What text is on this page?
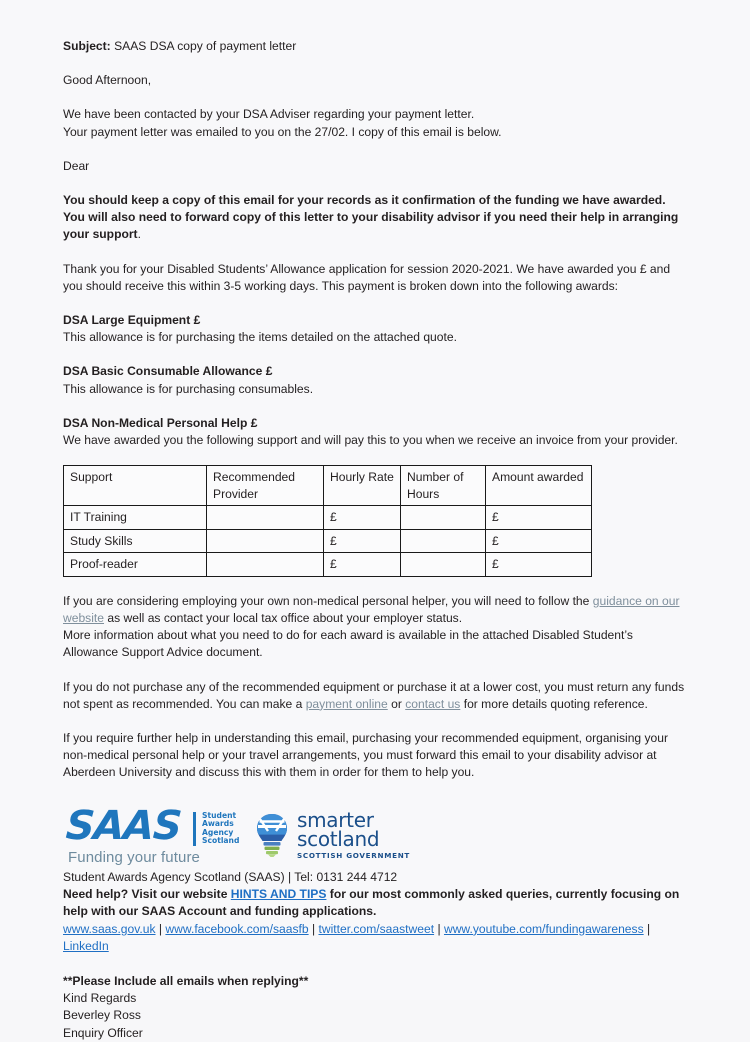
Subject: SAAS DSA copy of payment letter

Good Afternoon,

We have been contacted by your DSA Adviser regarding your payment letter.

Your payment letter was emailed to you on the 27/02. I copy of this email is below.

Dear

You should keep a copy of this email for your records as it confirmation of the funding we have awarded. You will also need to forward copy of this letter to your disability advisor if you need their help in arranging your support.

Thank you for your Disabled Students’ Allowance application for session 2020-2021. We have awarded you £ and you should receive this within 3-5 working days. This payment is broken down into the following awards:

DSA Large Equipment £

This allowance is for purchasing the items detailed on the attached quote.

DSA Basic Consumable Allowance £

This allowance is for purchasing consumables.

DSA Non-Medical Personal Help £

We have awarded you the following support and will pay this to you when we receive an invoice from your provider.

Support	Recommended Provider	Hourly Rate	Number of Hours	Amount awarded
IT Training		£		£
Study Skills		£		£
Proof-reader		£		£

If you are considering employing your own non-medical personal helper, you will need to follow the guidance on our website as well as contact your local tax office about your employer status.

More information about what you need to do for each award is available in the attached Disabled Student’s Allowance Support Advice document.

If you do not purchase any of the recommended equipment or purchase it at a lower cost, you must return any funds not spent as recommended. You can make a payment online or contact us for more details quoting reference.

If you require further help in understanding this email, purchasing your recommended equipment, organising your non-medical personal help or your travel arrangements, you must forward this email to your disability advisor at Aberdeen University and discuss this with them in order for them to help you.

SAAS	Student
Awards
Agency
Scotland
Funding your future
smarter
scotland
SCOTTISH GOVERNMENT

Student Awards Agency Scotland (SAAS) | Tel: 0131 244 4712

Need help? Visit our website HINTS AND TIPS for our most commonly asked queries, currently focusing on help with our SAAS Account and funding applications.

www.saas.gov.uk | www.facebook.com/saasfb | twitter.com/saastweet | www.youtube.com/fundingawareness | LinkedIn

**Please Include all emails when replying**

Kind Regards

Beverley Ross

Enquiry Officer
